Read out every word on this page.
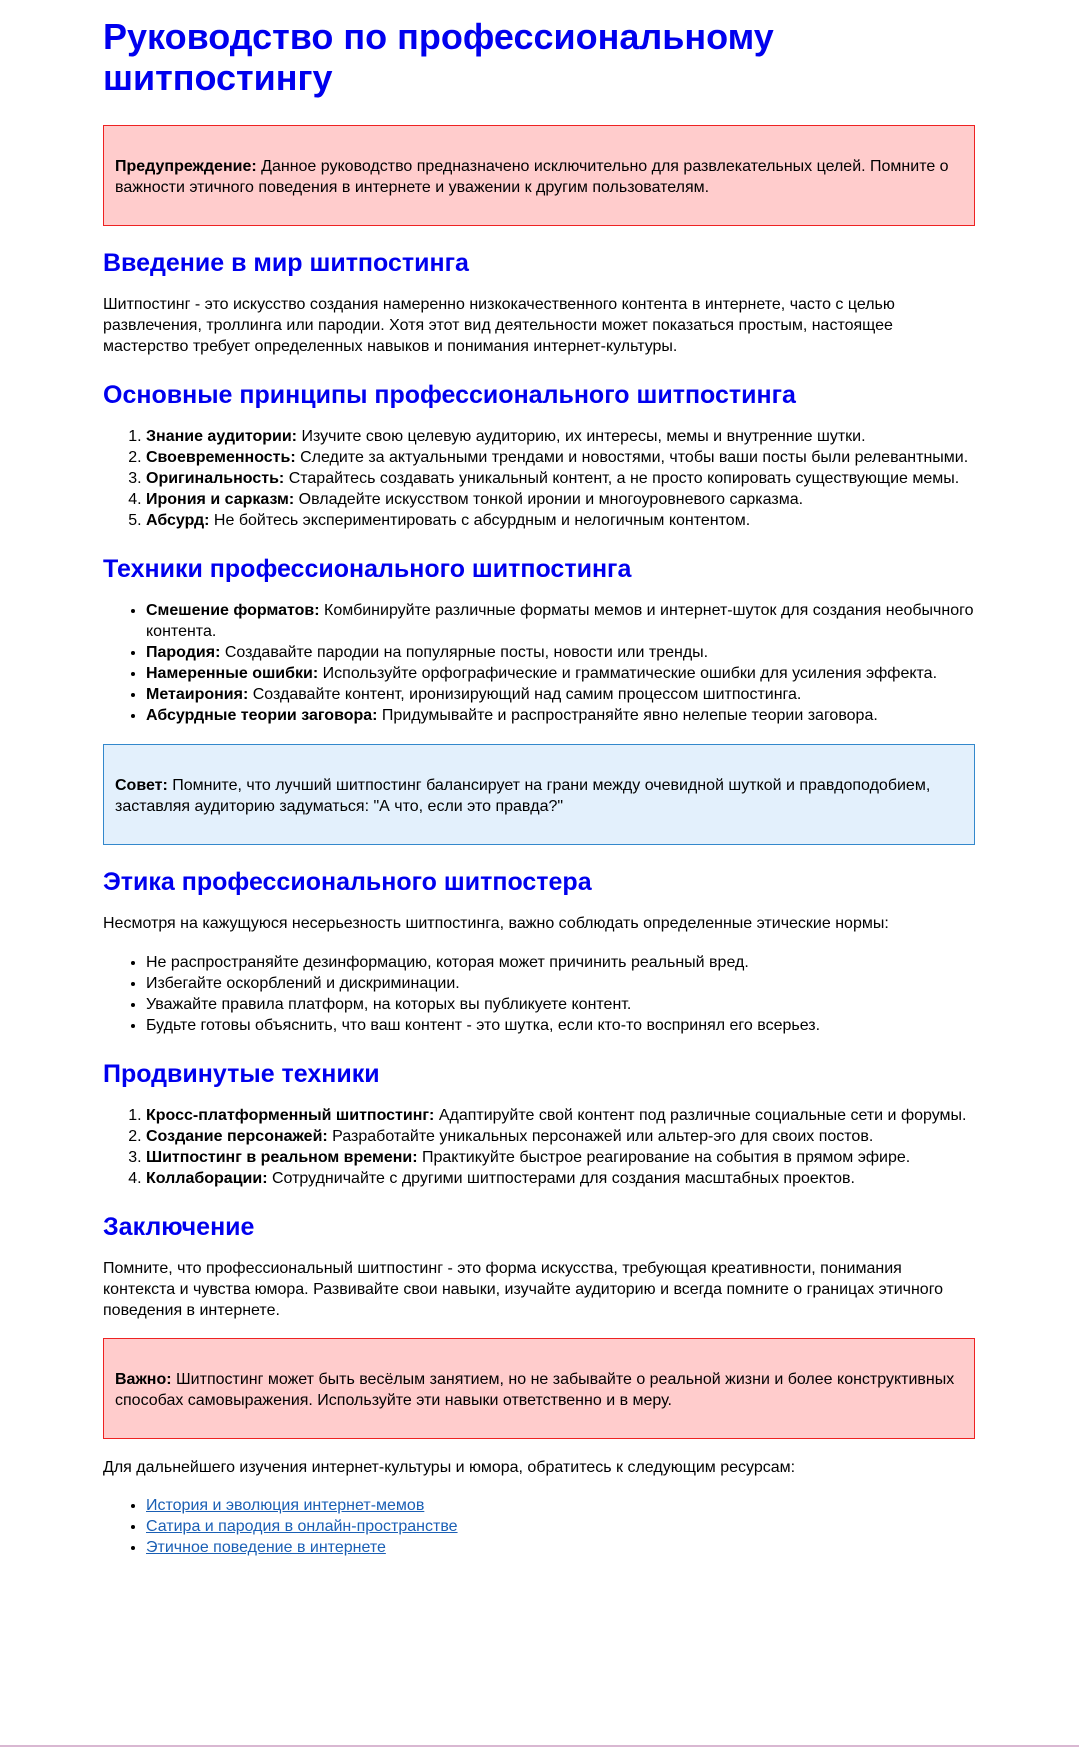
Руководство по профессиональному шитпостингу

Предупреждение: Данное руководство предназначено исключительно для развлекательных целей. Помните о важности этичного поведения в интернете и уважении к другим пользователям.

Введение в мир шитпостинга

Шитпостинг - это искусство создания намеренно низкокачественного контента в интернете, часто с целью развлечения, троллинга или пародии. Хотя этот вид деятельности может показаться простым, настоящее мастерство требует определенных навыков и понимания интернет-культуры.

Основные принципы профессионального шитпостинга
1. Знание аудитории: Изучите свою целевую аудиторию, их интересы, мемы и внутренние шутки.
2. Своевременность: Следите за актуальными трендами и новостями, чтобы ваши посты были релевантными.
3. Оригинальность: Старайтесь создавать уникальный контент, а не просто копировать существующие мемы.
4. Ирония и сарказм: Овладейте искусством тонкой иронии и многоуровневого сарказма.
5. Абсурд: Не бойтесь экспериментировать с абсурдным и нелогичным контентом.
Техники профессионального шитпостинга
• Смешение форматов: Комбинируйте различные форматы мемов и интернет-шуток для создания необычного контента.
• Пародия: Создавайте пародии на популярные посты, новости или тренды.
• Намеренные ошибки: Используйте орфографические и грамматические ошибки для усиления эффекта.
• Метаирония: Создавайте контент, иронизирующий над самим процессом шитпостинга.
• Абсурдные теории заговора: Придумывайте и распространяйте явно нелепые теории заговора.

Совет: Помните, что лучший шитпостинг балансирует на грани между очевидной шуткой и правдоподобием, заставляя аудиторию задуматься: "А что, если это правда?"

Этика профессионального шитпостера

Несмотря на кажущуюся несерьезность шитпостинга, важно соблюдать определенные этические нормы:

• Не распространяйте дезинформацию, которая может причинить реальный вред.
• Избегайте оскорблений и дискриминации.
• Уважайте правила платформ, на которых вы публикуете контент.
• Будьте готовы объяснить, что ваш контент - это шутка, если кто-то воспринял его всерьез.
Продвинутые техники
1. Кросс-платформенный шитпостинг: Адаптируйте свой контент под различные социальные сети и форумы.
2. Создание персонажей: Разработайте уникальных персонажей или альтер-эго для своих постов.
3. Шитпостинг в реальном времени: Практикуйте быстрое реагирование на события в прямом эфире.
4. Коллаборации: Сотрудничайте с другими шитпостерами для создания масштабных проектов.
Заключение

Помните, что профессиональный шитпостинг - это форма искусства, требующая креативности, понимания контекста и чувства юмора. Развивайте свои навыки, изучайте аудиторию и всегда помните о границах этичного поведения в интернете.

Важно: Шитпостинг может быть весёлым занятием, но не забывайте о реальной жизни и более конструктивных способах самовыражения. Используйте эти навыки ответственно и в меру.

Для дальнейшего изучения интернет-культуры и юмора, обратитесь к следующим ресурсам:

• История и эволюция интернет-мемов
• Сатира и пародия в онлайн-пространстве
• Этичное поведение в интернете
